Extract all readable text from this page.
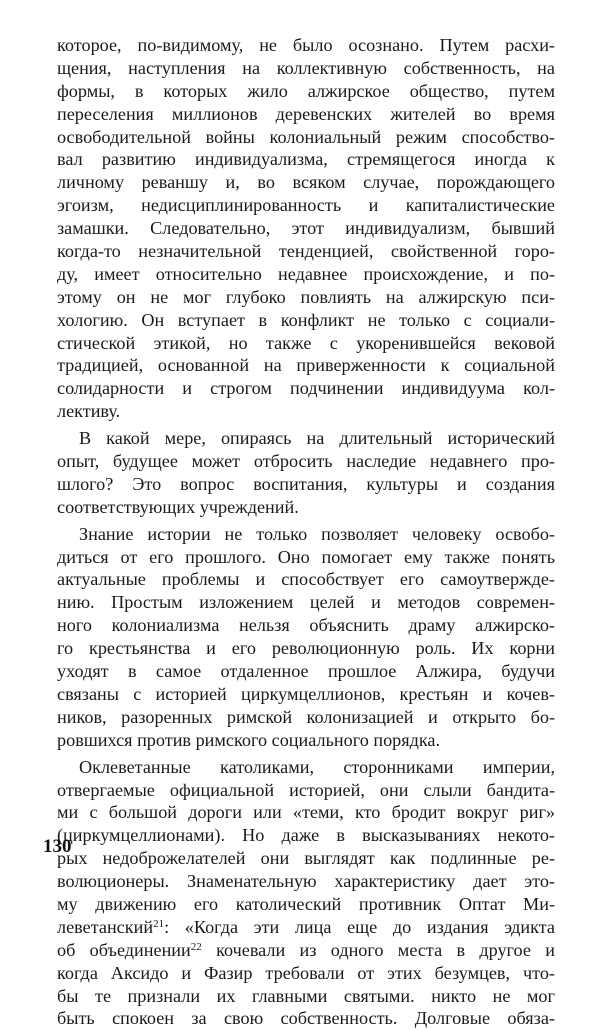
которое, по-видимому, не было осознано. Путем расхи-
щения, наступления на коллективную собственность, на
формы, в которых жило алжирское общество, путем
переселения миллионов деревенских жителей во время
освободительной войны колониальный режим способство-
вал развитию индивидуализма, стремящегося иногда к
личному реваншу и, во всяком случае, порождающего
эгоизм, недисциплинированность и капиталистические
замашки. Следовательно, этот индивидуализм, бывший
когда-то незначительной тенденцией, свойственной горо-
ду, имеет относительно недавнее происхождение, и по-
этому он не мог глубоко повлиять на алжирскую пси-
хологию. Он вступает в конфликт не только с социали-
стической этикой, но также с укоренившейся вековой
традицией, основанной на приверженности к социальной
солидарности и строгом подчинении индивидуума кол-
лективу.
В какой мере, опираясь на длительный исторический
опыт, будущее может отбросить наследие недавнего про-
шлого? Это вопрос воспитания, культуры и создания
соответствующих учреждений.
Знание истории не только позволяет человеку освобо-
диться от его прошлого. Оно помогает ему также понять
актуальные проблемы и способствует его самоутвержде-
нию. Простым изложением целей и методов современ-
ного колониализма нельзя объяснить драму алжирско-
го крестьянства и его революционную роль. Их корни
уходят в самое отдаленное прошлое Алжира, будучи
связаны с историей циркумцеллионов, крестьян и кочев-
ников, разоренных римской колонизацией и открыто бо-
ровшихся против римского социального порядка.
Оклеветанные католиками, сторонниками империи,
отвергаемые официальной историей, они слыли бандита-
ми с большой дороги или «теми, кто бродит вокруг риг»
(циркумцеллионами). Но даже в высказываниях некото-
рых недоброжелателей они выглядят как подлинные ре-
волюционеры. Знаменательную характеристику дает это-
му движению его католический противник Оптат Ми-
леветанский$^{21}$: «Когда эти лица еще до издания эдикта
об объединении$^{22}$ кочевали из одного места в другое и
когда Аксидо и Фазир требовали от этих безумцев, что-
бы те признали их главными святыми. никто не мог
быть спокоен за свою собственность. Долговые обяза-
130
